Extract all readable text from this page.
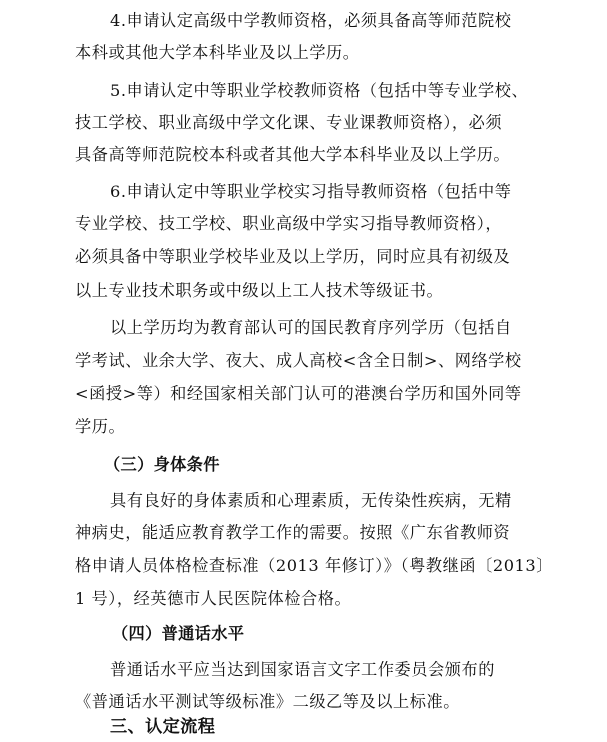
4.申请认定高级中学教师资格，必须具备高等师范院校
本科或其他大学本科毕业及以上学历。
5.申请认定中等职业学校教师资格（包括中等专业学校、
技工学校、职业高级中学文化课、专业课教师资格），必须
具备高等师范院校本科或者其他大学本科毕业及以上学历。
6.申请认定中等职业学校实习指导教师资格（包括中等
专业学校、技工学校、职业高级中学实习指导教师资格），
必须具备中等职业学校毕业及以上学历，同时应具有初级及
以上专业技术职务或中级以上工人技术等级证书。
以上学历均为教育部认可的国民教育序列学历（包括自
学考试、业余大学、夜大、成人高校<含全日制>、网络学校
<函授>等）和经国家相关部门认可的港澳台学历和国外同等
学历。
（三）身体条件
具有良好的身体素质和心理素质，无传染性疾病，无精
神病史，能适应教育教学工作的需要。按照《广东省教师资
格申请人员体格检查标准（2013 年修订）》（粤教继函〔2013〕
1 号），经英德市人民医院体检合格。
（四）普通话水平
普通话水平应当达到国家语言文字工作委员会颁布的
《普通话水平测试等级标准》二级乙等及以上标准。
三、认定流程
